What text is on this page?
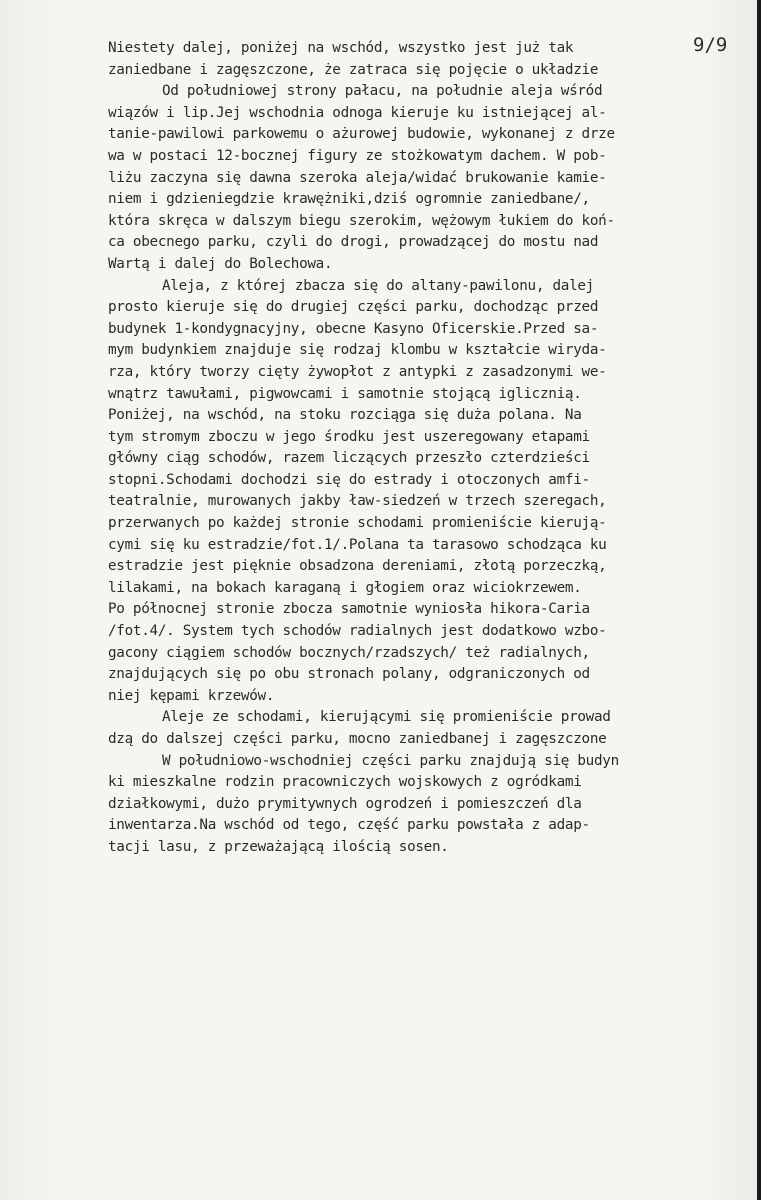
9/9
Niestety dalej, poniżej na wschód, wszystko jest już tak
zaniedbane i zagęszczone, że zatraca się pojęcie o układzie
Od południowej strony pałacu, na południe aleja wśród
wiązów i lip.Jej wschodnia odnoga kieruje ku istniejącej al-
tanie-pawilowi parkowemu o ażurowej budowie, wykonanej z drze
wa w postaci 12-bocznej figury ze stożkowatym dachem. W pob-
liżu zaczyna się dawna szeroka aleja/widać brukowanie kamie-
niem i gdzieniegdzie krawężniki,dziś ogromnie zaniedbane/,
która skręca w dalszym biegu szerokim, wężowym łukiem do koń-
ca obecnego parku, czyli do drogi, prowadzącej do mostu nad
Wartą i dalej do Bolechowa.
Aleja, z której zbacza się do altany-pawilonu, dalej
prosto kieruje się do drugiej części parku, dochodząc przed
budynek 1-kondygnacyjny, obecne Kasyno Oficerskie.Przed sa-
mym budynkiem znajduje się rodzaj klombu w kształcie wiryda-
rza, który tworzy cięty żywopłot z antypki z zasadzonymi we-
wnątrz tawułami, pigwowcami i samotnie stojącą iglicznią.
Poniżej, na wschód, na stoku rozciąga się duża polana. Na
tym stromym zboczu w jego środku jest uszeregowany etapami
główny ciąg schodów, razem liczących przeszło czterdzieści
stopni.Schodami dochodzi się do estrady i otoczonych amfi-
teatralnie, murowanych jakby ław-siedzeń w trzech szeregach,
przerwanych po każdej stronie schodami promieniście kierują-
cymi się ku estradzie/fot.1/.Polana ta tarasowo schodząca ku
estradzie jest pięknie obsadzona dereniami, złotą porzeczką,
lilakami, na bokach karaganą i głogiem oraz wiciokrzewem.
Po północnej stronie zbocza samotnie wyniosła hikora-Caria
/fot.4/. System tych schodów radialnych jest dodatkowo wzbo-
gacony ciągiem schodów bocznych/rzadszych/ też radialnych,
znajdujących się po obu stronach polany, odgraniczonych od
niej kępami krzewów.
Aleje ze schodami, kierującymi się promieniście prowad
dzą do dalszej części parku, mocno zaniedbanej i zagęszczone
W południowo-wschodniej części parku znajdują się budyn
ki mieszkalne rodzin pracowniczych wojskowych z ogródkami
działkowymi, dużo prymitywnych ogrodzeń i pomieszczeń dla
inwentarza.Na wschód od tego, część parku powstała z adap-
tacji lasu, z przeważającą ilością sosen.
